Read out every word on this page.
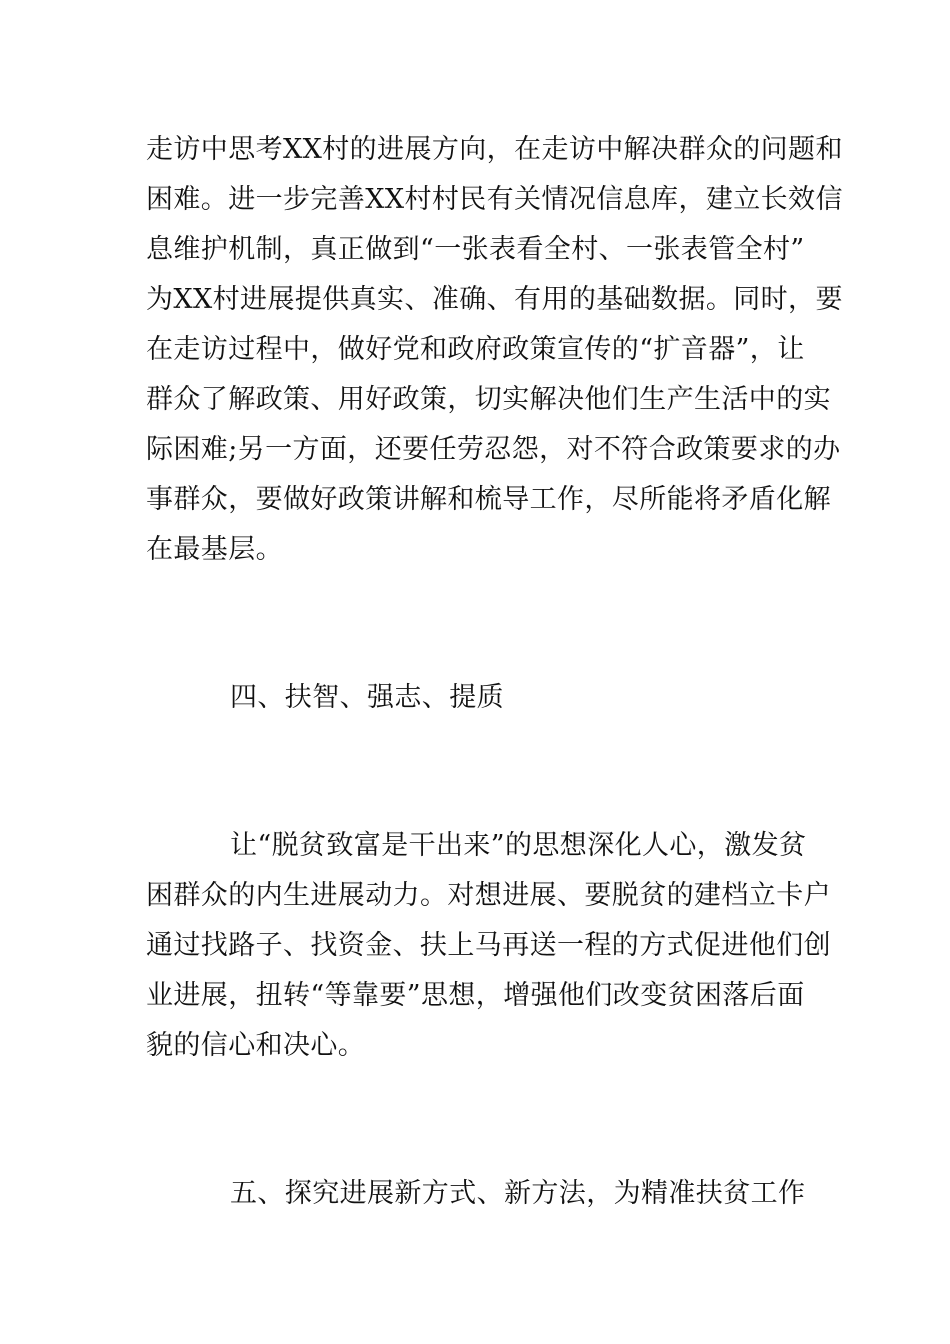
走访中思考XX村的进展方向，在走访中解决群众的问题和
困难。进一步完善XX村村民有关情况信息库，建立长效信
息维护机制，真正做到“一张表看全村、一张表管全村”
为XX村进展提供真实、准确、有用的基础数据。同时，要
在走访过程中，做好党和政府政策宣传的“扩音器”，让
群众了解政策、用好政策，切实解决他们生产生活中的实
际困难;另一方面，还要任劳忍怨，对不符合政策要求的办
事群众，要做好政策讲解和梳导工作，尽所能将矛盾化解
在最基层。
四、扶智、强志、提质
让“脱贫致富是干出来”的思想深化人心，激发贫
困群众的内生进展动力。对想进展、要脱贫的建档立卡户
通过找路子、找资金、扶上马再送一程的方式促进他们创
业进展，扭转“等靠要”思想，增强他们改变贫困落后面
貌的信心和决心。
五、探究进展新方式、新方法，为精准扶贫工作
